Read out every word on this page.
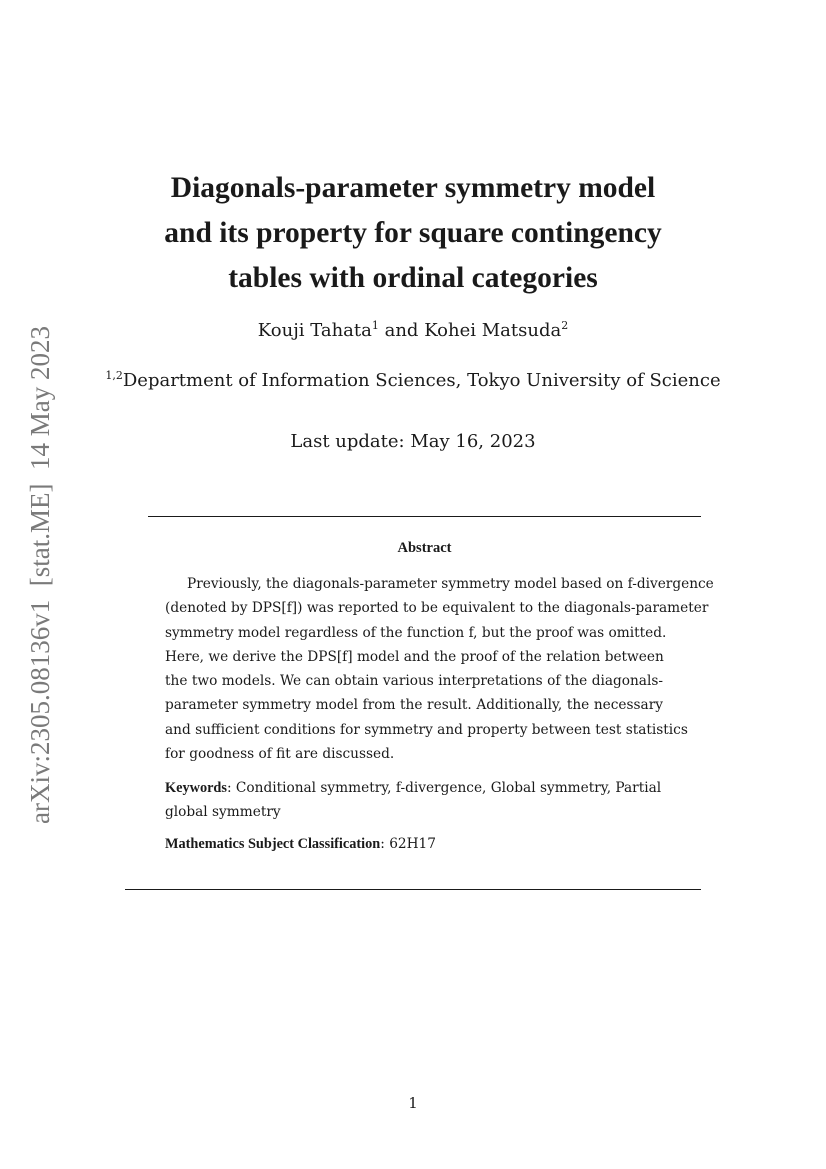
arXiv:2305.08136v1  [stat.ME]  14 May 2023
Diagonals-parameter symmetry model
and its property for square contingency
tables with ordinal categories
Kouji Tahata$^1$ and Kohei Matsuda$^2$
$^{1,2}$Department of Information Sciences, Tokyo University of Science
Last update: May 16, 2023
Abstract
Previously, the diagonals-parameter symmetry model based on f-divergence
(denoted by DPS[f]) was reported to be equivalent to the diagonals-parameter
symmetry model regardless of the function f, but the proof was omitted.
Here, we derive the DPS[f] model and the proof of the relation between
the two models. We can obtain various interpretations of the diagonals-
parameter symmetry model from the result. Additionally, the necessary
and sufficient conditions for symmetry and property between test statistics
for goodness of fit are discussed.
Keywords: Conditional symmetry, f-divergence, Global symmetry, Partial
global symmetry
Mathematics Subject Classification: 62H17
1
